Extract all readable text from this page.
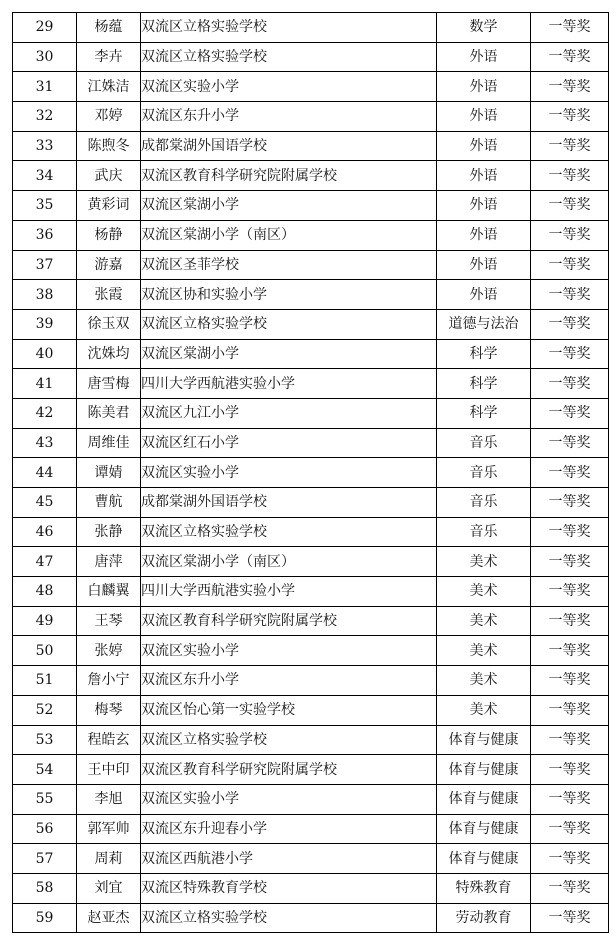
29	杨蕴	双流区立格实验学校	数学	一等奖
30	李卉	双流区立格实验学校	外语	一等奖
31	江姝洁	双流区实验小学	外语	一等奖
32	邓婷	双流区东升小学	外语	一等奖
33	陈煦冬	成都棠湖外国语学校	外语	一等奖
34	武庆	双流区教育科学研究院附属学校	外语	一等奖
35	黄彩词	双流区棠湖小学	外语	一等奖
36	杨静	双流区棠湖小学（南区）	外语	一等奖
37	游嘉	双流区圣菲学校	外语	一等奖
38	张霞	双流区协和实验小学	外语	一等奖
39	徐玉双	双流区立格实验学校	道德与法治	一等奖
40	沈姝均	双流区棠湖小学	科学	一等奖
41	唐雪梅	四川大学西航港实验小学	科学	一等奖
42	陈美君	双流区九江小学	科学	一等奖
43	周维佳	双流区红石小学	音乐	一等奖
44	谭婧	双流区实验小学	音乐	一等奖
45	曹航	成都棠湖外国语学校	音乐	一等奖
46	张静	双流区立格实验学校	音乐	一等奖
47	唐萍	双流区棠湖小学（南区）	美术	一等奖
48	白麟翼	四川大学西航港实验小学	美术	一等奖
49	王琴	双流区教育科学研究院附属学校	美术	一等奖
50	张婷	双流区实验小学	美术	一等奖
51	詹小宁	双流区东升小学	美术	一等奖
52	梅琴	双流区怡心第一实验学校	美术	一等奖
53	程皓玄	双流区立格实验学校	体育与健康	一等奖
54	王中印	双流区教育科学研究院附属学校	体育与健康	一等奖
55	李旭	双流区实验小学	体育与健康	一等奖
56	郭军帅	双流区东升迎春小学	体育与健康	一等奖
57	周莉	双流区西航港小学	体育与健康	一等奖
58	刘宜	双流区特殊教育学校	特殊教育	一等奖
59	赵亚杰	双流区立格实验学校	劳动教育	一等奖
